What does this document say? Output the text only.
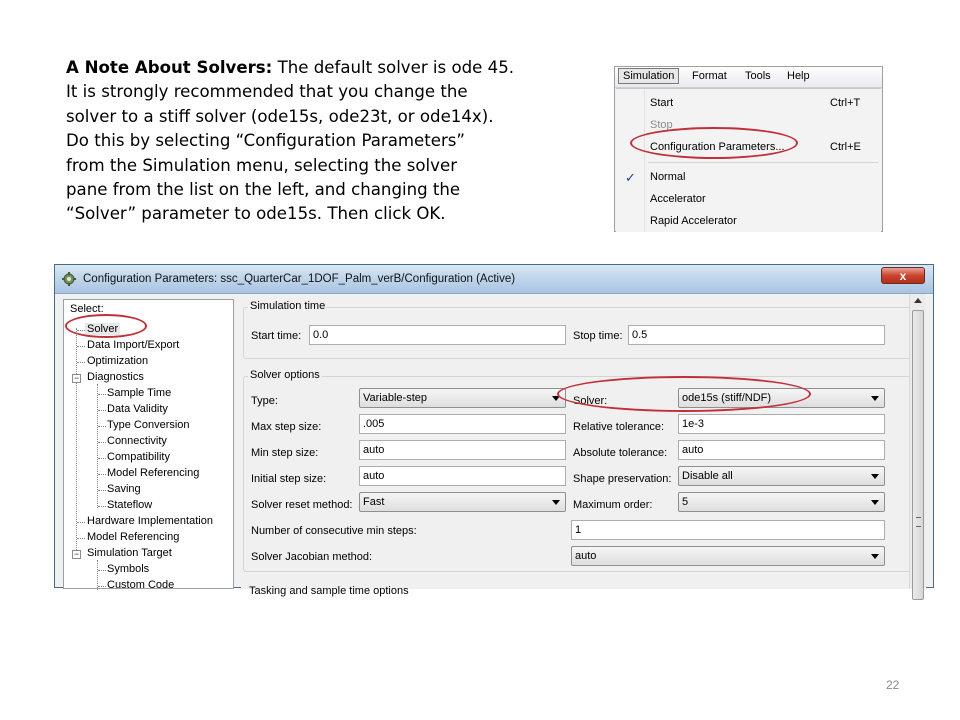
A Note About Solvers: The default solver is ode 45.
It is strongly recommended that you change the
solver to a stiff solver (ode15s, ode23t, or ode14x).
Do this by selecting “Configuration Parameters”
from the Simulation menu, selecting the solver
pane from the list on the left, and changing the
“Solver” parameter to ode15s. Then click OK.
Simulation	Format Tools Help
Start	Ctrl+T
Stop
Configuration Parameters...	Ctrl+E
✓ Normal
Accelerator
Rapid Accelerator
Configuration Parameters: ssc_QuarterCar_1DOF_Palm_verB/Configuration (Active)	x
Select:
Solver
Data Import/Export
Optimization
− Diagnostics
Sample Time
Data Validity
Type Conversion
Connectivity
Compatibility
Model Referencing
Saving
Stateflow
Hardware Implementation
Model Referencing
− Simulation Target
Symbols
Custom Code
Simulation time
Start time:	0.0	Stop time: 0.5
Solver options
Type:	Variable-step	Solver:	ode15s (stiff/NDF)
Max step size:	.005	Relative tolerance:	1e-3
Min step size:	auto	Absolute tolerance:	auto
Initial step size:	auto	Shape preservation: Disable all
Solver reset method: Fast	Maximum order:	5
Number of consecutive min steps:	1
Solver Jacobian method:	auto
Tasking and sample time options
22
